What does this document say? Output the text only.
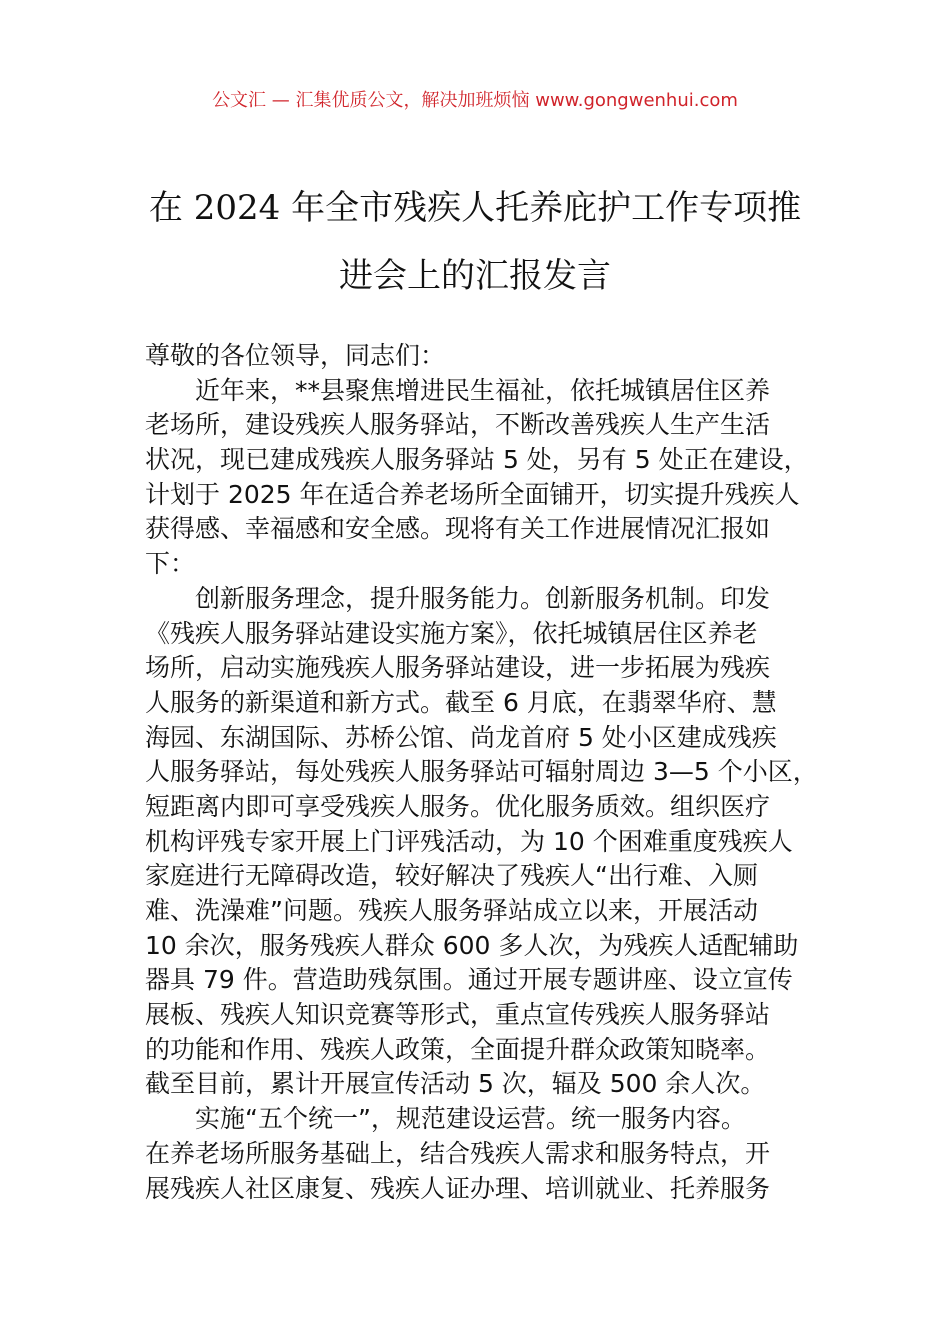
公文汇 — 汇集优质公文，解决加班烦恼 www.gongwenhui.com
在 2024 年全市残疾人托养庇护工作专项推
进会上的汇报发言
尊敬的各位领导，同志们：
近年来，**县聚焦增进民生福祉，依托城镇居住区养
老场所，建设残疾人服务驿站，不断改善残疾人生产生活
状况，现已建成残疾人服务驿站 5 处，另有 5 处正在建设，
计划于 2025 年在适合养老场所全面铺开，切实提升残疾人
获得感、幸福感和安全感。现将有关工作进展情况汇报如
下：
创新服务理念，提升服务能力。创新服务机制。印发
《残疾人服务驿站建设实施方案》，依托城镇居住区养老
场所，启动实施残疾人服务驿站建设，进一步拓展为残疾
人服务的新渠道和新方式。截至 6 月底，在翡翠华府、慧
海园、东湖国际、苏桥公馆、尚龙首府 5 处小区建成残疾
人服务驿站，每处残疾人服务驿站可辐射周边 3—5 个小区，
短距离内即可享受残疾人服务。优化服务质效。组织医疗
机构评残专家开展上门评残活动，为 10 个困难重度残疾人
家庭进行无障碍改造，较好解决了残疾人“出行难、入厕
难、洗澡难”问题。残疾人服务驿站成立以来，开展活动
10 余次，服务残疾人群众 600 多人次，为残疾人适配辅助
器具 79 件。营造助残氛围。通过开展专题讲座、设立宣传
展板、残疾人知识竞赛等形式，重点宣传残疾人服务驿站
的功能和作用、残疾人政策，全面提升群众政策知晓率。
截至目前，累计开展宣传活动 5 次，辐及 500 余人次。
实施“五个统一”，规范建设运营。统一服务内容。
在养老场所服务基础上，结合残疾人需求和服务特点，开
展残疾人社区康复、残疾人证办理、培训就业、托养服务
